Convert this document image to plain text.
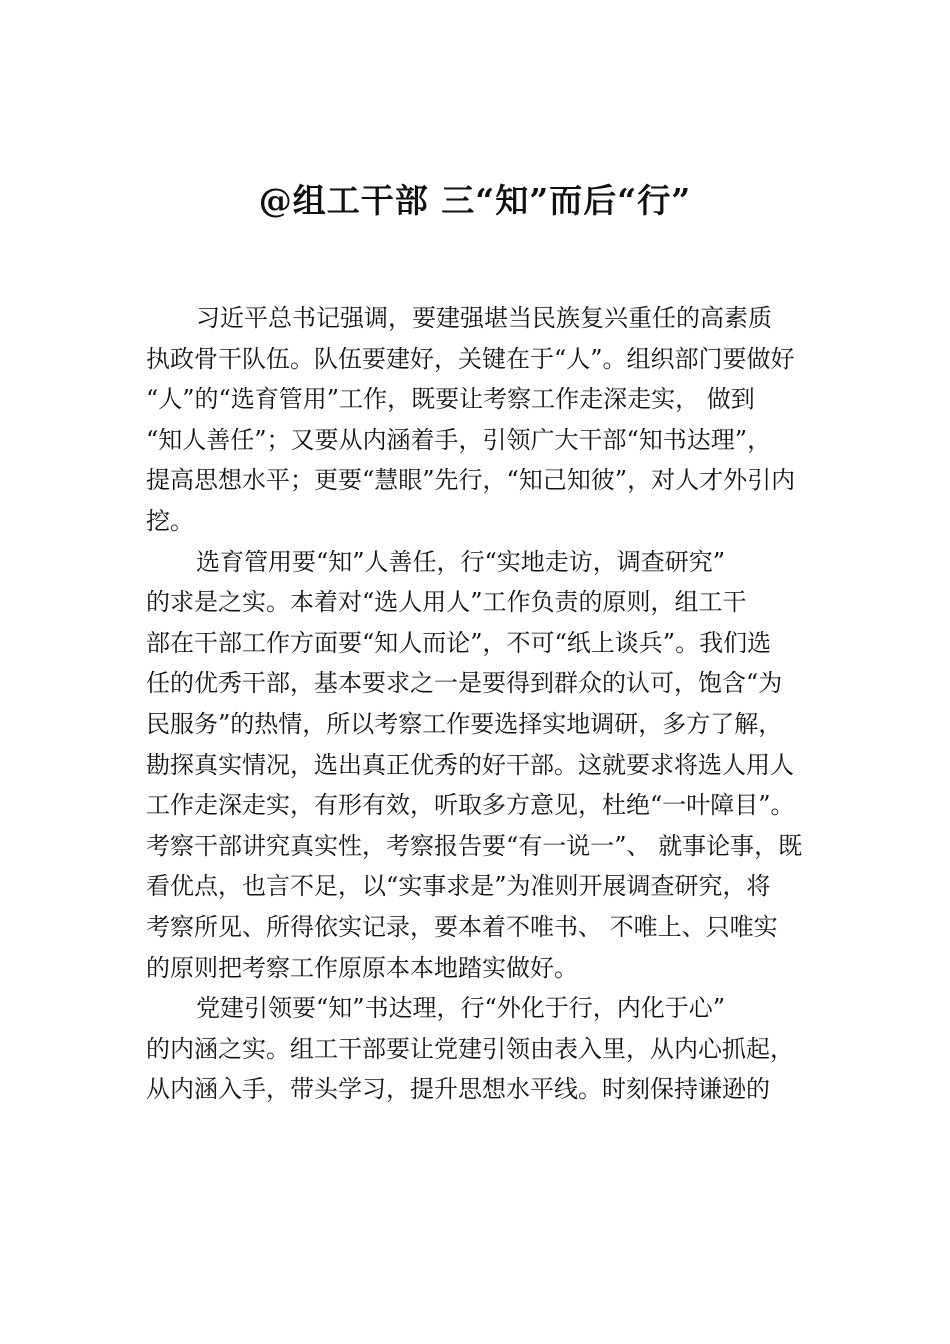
@组工干部 三“知”而后“行”
习近平总书记强调，要建强堪当民族复兴重任的高素质
执政骨干队伍。队伍要建好，关键在于“人”。组织部门要做好
“人”的“选育管用”工作，既要让考察工作走深走实， 做到
“知人善任”；又要从内涵着手，引领广大干部“知书达理”，
提高思想水平；更要“慧眼”先行，“知己知彼”，对人才外引内
挖。
选育管用要“知”人善任，行“实地走访，调查研究”
的求是之实。本着对“选人用人”工作负责的原则，组工干
部在干部工作方面要“知人而论”，不可“纸上谈兵”。我们选
任的优秀干部，基本要求之一是要得到群众的认可，饱含“为
民服务”的热情，所以考察工作要选择实地调研，多方了解，
勘探真实情况，选出真正优秀的好干部。这就要求将选人用人
工作走深走实，有形有效，听取多方意见，杜绝“一叶障目”。
考察干部讲究真实性，考察报告要“有一说一”、 就事论事，既
看优点，也言不足，以“实事求是”为准则开展调查研究，将
考察所见、所得依实记录，要本着不唯书、 不唯上、只唯实
的原则把考察工作原原本本地踏实做好。
党建引领要“知”书达理，行“外化于行，内化于心”
的内涵之实。组工干部要让党建引领由表入里，从内心抓起，
从内涵入手，带头学习，提升思想水平线。时刻保持谦逊的
